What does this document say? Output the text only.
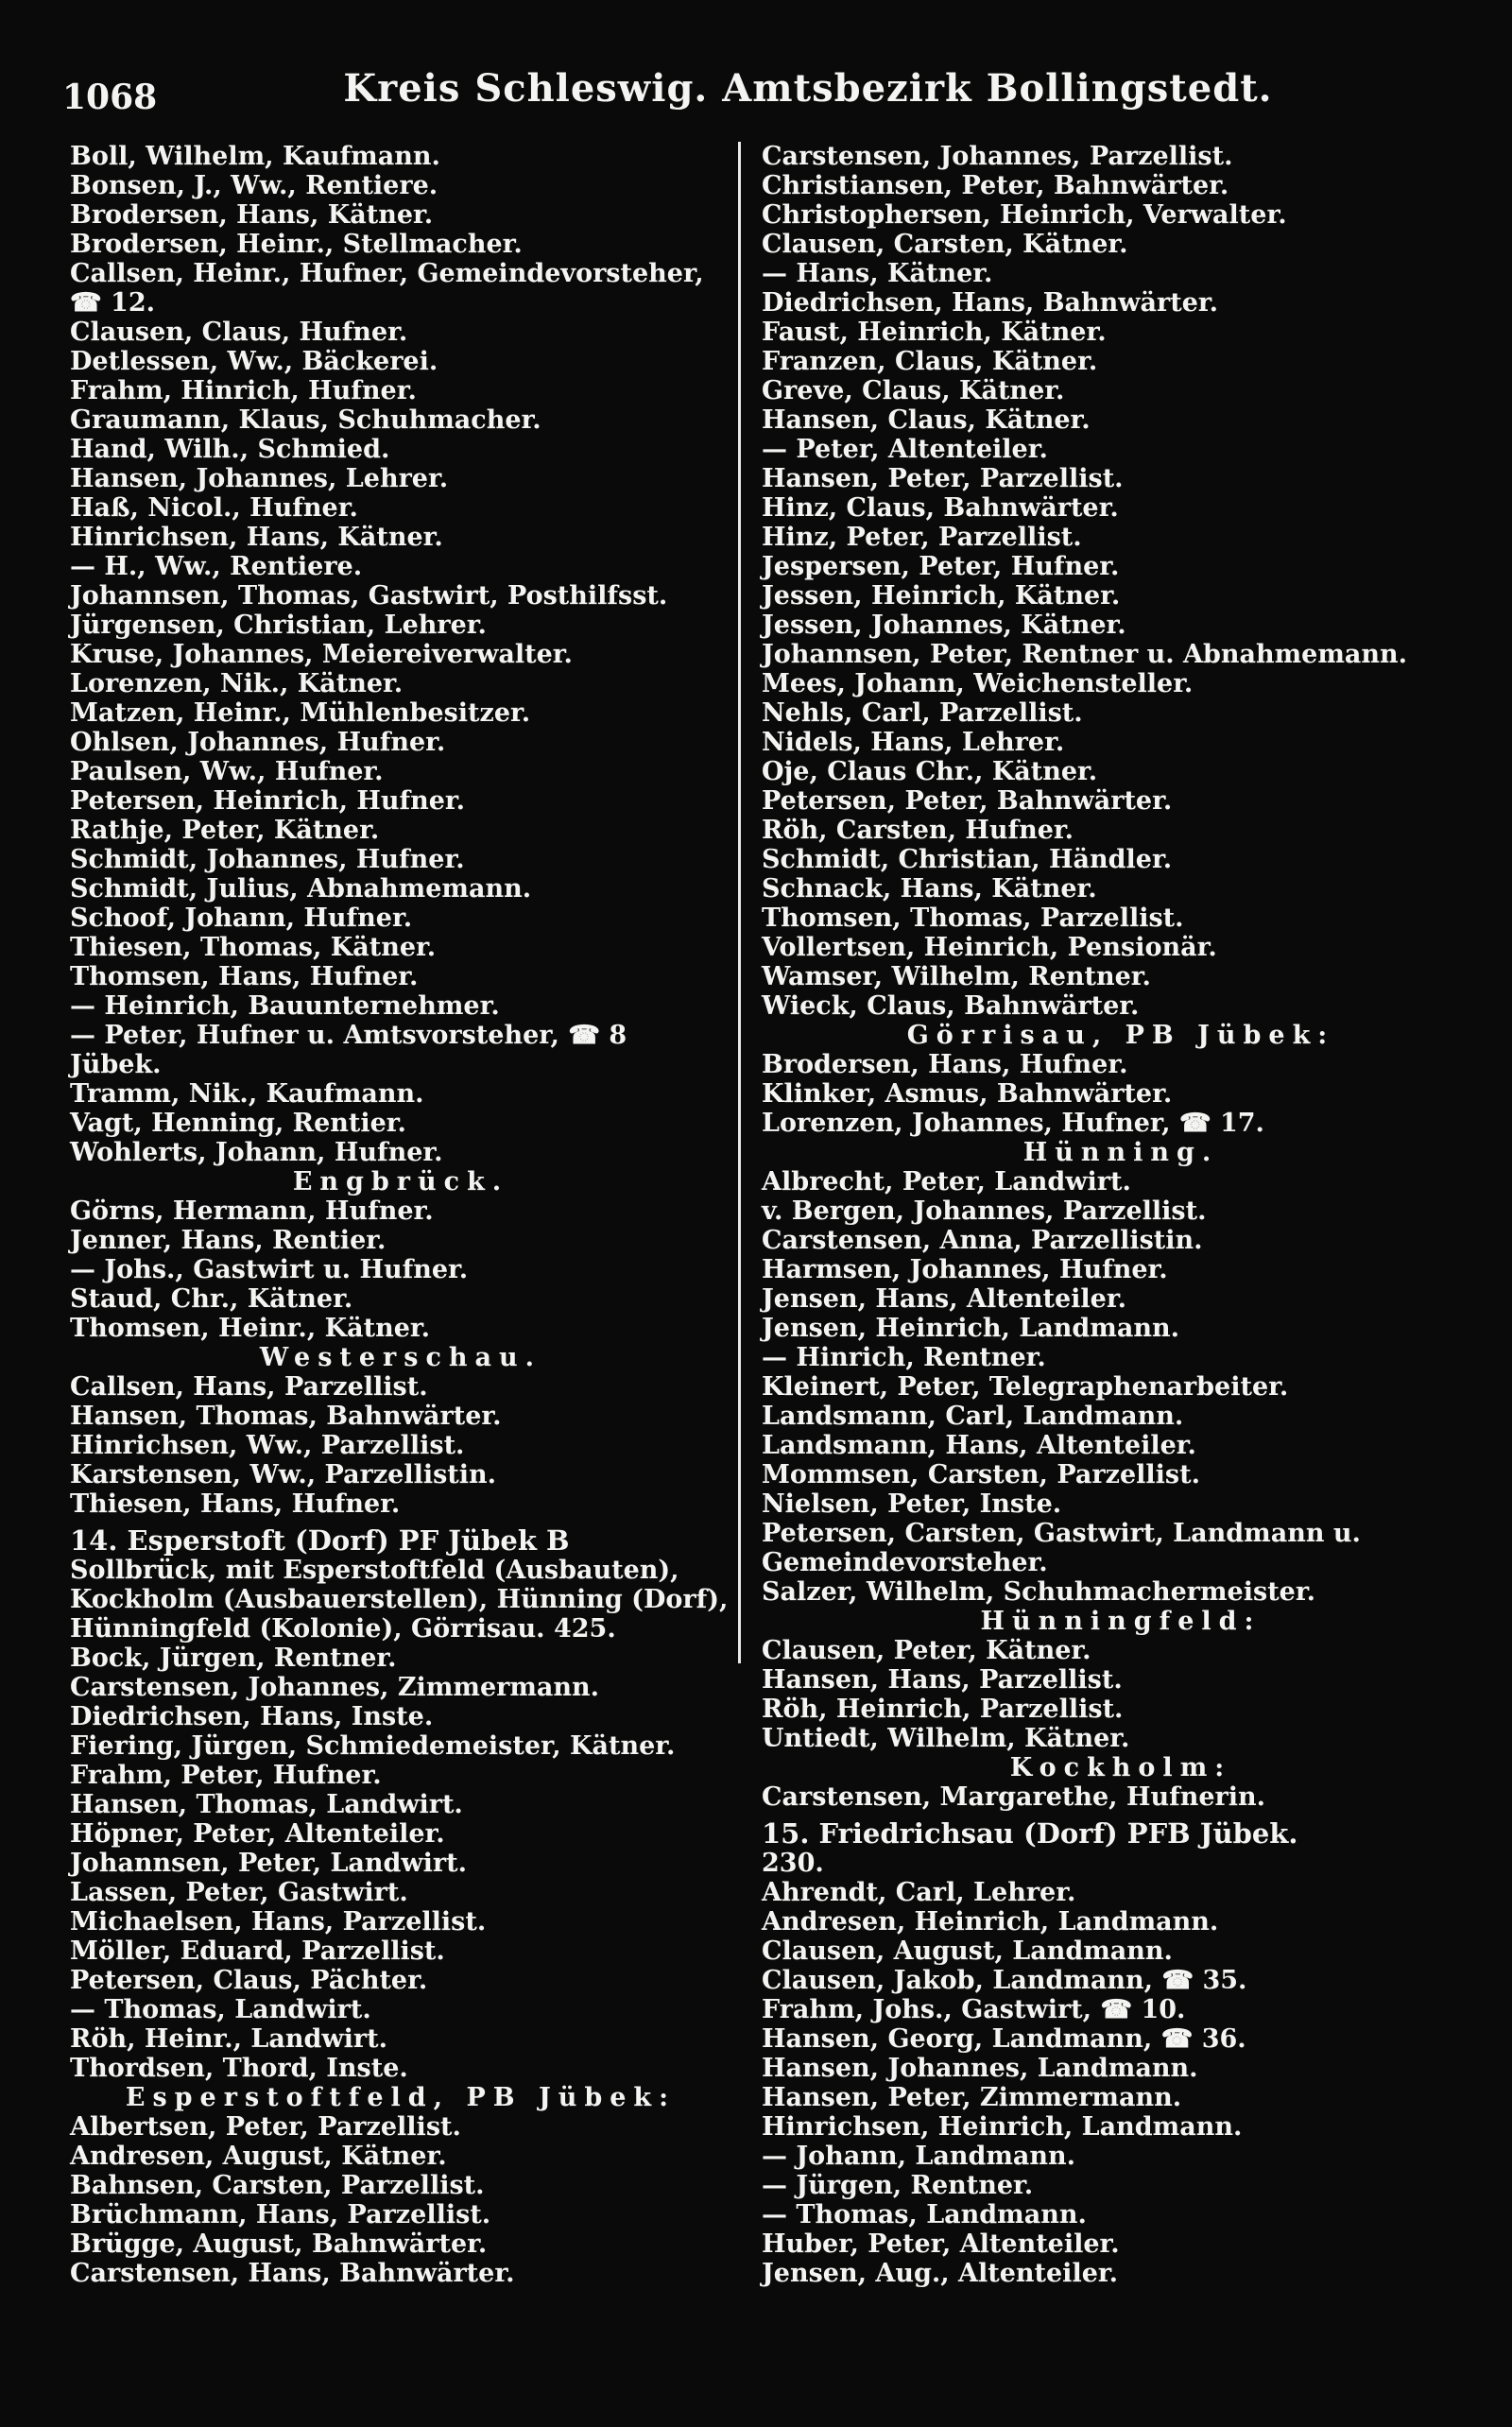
1068	Kreis Schleswig. Amtsbezirk Bollingstedt.
Boll, Wilhelm, Kaufmann.
Bonsen, J., Ww., Rentiere.
Brodersen, Hans, Kätner.
Brodersen, Heinr., Stellmacher.
Callsen, Heinr., Hufner, Gemeindevorsteher,
☎ 12.
Clausen, Claus, Hufner.
Detlessen, Ww., Bäckerei.
Frahm, Hinrich, Hufner.
Graumann, Klaus, Schuhmacher.
Hand, Wilh., Schmied.
Hansen, Johannes, Lehrer.
Haß, Nicol., Hufner.
Hinrichsen, Hans, Kätner.
— H., Ww., Rentiere.
Johannsen, Thomas, Gastwirt, Posthilfsst.
Jürgensen, Christian, Lehrer.
Kruse, Johannes, Meiereiverwalter.
Lorenzen, Nik., Kätner.
Matzen, Heinr., Mühlenbesitzer.
Ohlsen, Johannes, Hufner.
Paulsen, Ww., Hufner.
Petersen, Heinrich, Hufner.
Rathje, Peter, Kätner.
Schmidt, Johannes, Hufner.
Schmidt, Julius, Abnahmemann.
Schoof, Johann, Hufner.
Thiesen, Thomas, Kätner.
Thomsen, Hans, Hufner.
— Heinrich, Bauunternehmer.
— Peter, Hufner u. Amtsvorsteher, ☎ 8
Jübek.
Tramm, Nik., Kaufmann.
Vagt, Henning, Rentier.
Wohlerts, Johann, Hufner.
Engbrück.
Görns, Hermann, Hufner.
Jenner, Hans, Rentier.
— Johs., Gastwirt u. Hufner.
Staud, Chr., Kätner.
Thomsen, Heinr., Kätner.
Westerschau.
Callsen, Hans, Parzellist.
Hansen, Thomas, Bahnwärter.
Hinrichsen, Ww., Parzellist.
Karstensen, Ww., Parzellistin.
Thiesen, Hans, Hufner.
14. Esperstoft (Dorf) PF Jübek B
Sollbrück, mit Esperstoftfeld (Ausbauten),
Kockholm (Ausbauerstellen), Hünning (Dorf),
Hünningfeld (Kolonie), Görrisau. 425.
Bock, Jürgen, Rentner.
Carstensen, Johannes, Zimmermann.
Diedrichsen, Hans, Inste.
Fiering, Jürgen, Schmiedemeister, Kätner.
Frahm, Peter, Hufner.
Hansen, Thomas, Landwirt.
Höpner, Peter, Altenteiler.
Johannsen, Peter, Landwirt.
Lassen, Peter, Gastwirt.
Michaelsen, Hans, Parzellist.
Möller, Eduard, Parzellist.
Petersen, Claus, Pächter.
— Thomas, Landwirt.
Röh, Heinr., Landwirt.
Thordsen, Thord, Inste.
Esperstoftfeld, PB Jübek:
Albertsen, Peter, Parzellist.
Andresen, August, Kätner.
Bahnsen, Carsten, Parzellist.
Brüchmann, Hans, Parzellist.
Brügge, August, Bahnwärter.
Carstensen, Hans, Bahnwärter.
Carstensen, Johannes, Parzellist.
Christiansen, Peter, Bahnwärter.
Christophersen, Heinrich, Verwalter.
Clausen, Carsten, Kätner.
— Hans, Kätner.
Diedrichsen, Hans, Bahnwärter.
Faust, Heinrich, Kätner.
Franzen, Claus, Kätner.
Greve, Claus, Kätner.
Hansen, Claus, Kätner.
— Peter, Altenteiler.
Hansen, Peter, Parzellist.
Hinz, Claus, Bahnwärter.
Hinz, Peter, Parzellist.
Jespersen, Peter, Hufner.
Jessen, Heinrich, Kätner.
Jessen, Johannes, Kätner.
Johannsen, Peter, Rentner u. Abnahmemann.
Mees, Johann, Weichensteller.
Nehls, Carl, Parzellist.
Nidels, Hans, Lehrer.
Oje, Claus Chr., Kätner.
Petersen, Peter, Bahnwärter.
Röh, Carsten, Hufner.
Schmidt, Christian, Händler.
Schnack, Hans, Kätner.
Thomsen, Thomas, Parzellist.
Vollertsen, Heinrich, Pensionär.
Wamser, Wilhelm, Rentner.
Wieck, Claus, Bahnwärter.
Görrisau, PB Jübek:
Brodersen, Hans, Hufner.
Klinker, Asmus, Bahnwärter.
Lorenzen, Johannes, Hufner, ☎ 17.
Hünning.
Albrecht, Peter, Landwirt.
v. Bergen, Johannes, Parzellist.
Carstensen, Anna, Parzellistin.
Harmsen, Johannes, Hufner.
Jensen, Hans, Altenteiler.
Jensen, Heinrich, Landmann.
— Hinrich, Rentner.
Kleinert, Peter, Telegraphenarbeiter.
Landsmann, Carl, Landmann.
Landsmann, Hans, Altenteiler.
Mommsen, Carsten, Parzellist.
Nielsen, Peter, Inste.
Petersen, Carsten, Gastwirt, Landmann u.
Gemeindevorsteher.
Salzer, Wilhelm, Schuhmachermeister.
Hünningfeld:
Clausen, Peter, Kätner.
Hansen, Hans, Parzellist.
Röh, Heinrich, Parzellist.
Untiedt, Wilhelm, Kätner.
Kockholm:
Carstensen, Margarethe, Hufnerin.
15. Friedrichsau (Dorf) PFB Jübek.
230.
Ahrendt, Carl, Lehrer.
Andresen, Heinrich, Landmann.
Clausen, August, Landmann.
Clausen, Jakob, Landmann, ☎ 35.
Frahm, Johs., Gastwirt, ☎ 10.
Hansen, Georg, Landmann, ☎ 36.
Hansen, Johannes, Landmann.
Hansen, Peter, Zimmermann.
Hinrichsen, Heinrich, Landmann.
— Johann, Landmann.
— Jürgen, Rentner.
— Thomas, Landmann.
Huber, Peter, Altenteiler.
Jensen, Aug., Altenteiler.
